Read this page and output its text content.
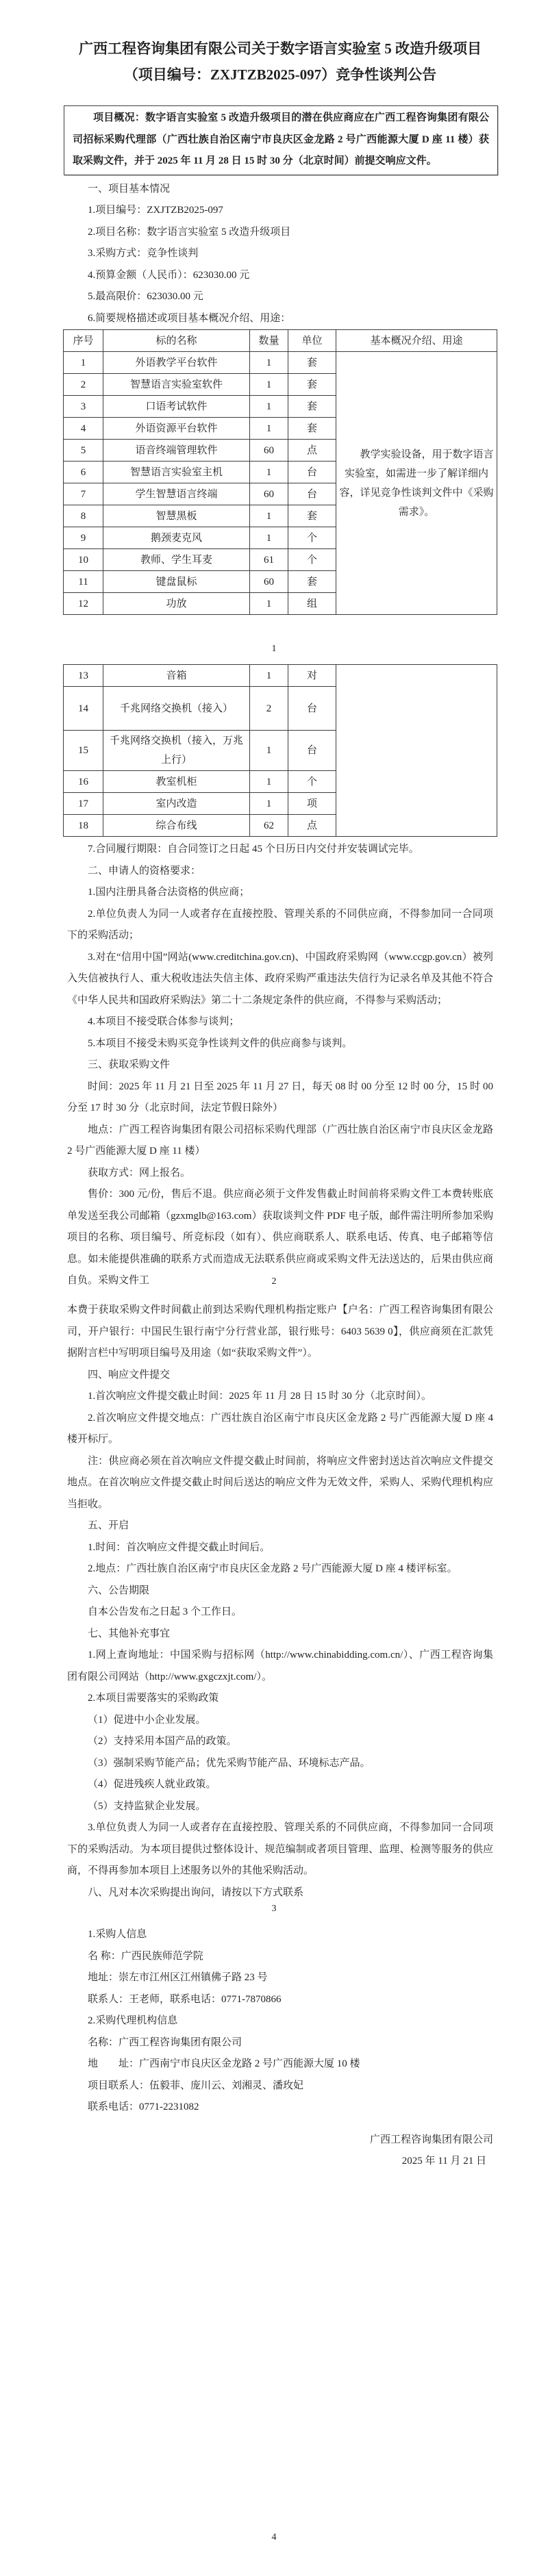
广西工程咨询集团有限公司关于数字语言实验室 5 改造升级项目
（项目编号：ZXJTZB2025-097）竞争性谈判公告

项目概况：数字语言实验室 5 改造升级项目的潜在供应商应在广西工程咨询集团有限公司招标采购代理部（广西壮族自治区南宁市良庆区金龙路 2 号广西能源大厦 D 座 11 楼）获取采购文件，并于 2025 年 11 月 28 日 15 时 30 分（北京时间）前提交响应文件。

一、项目基本情况

1.项目编号：ZXJTZB2025-097

2.项目名称：数字语言实验室 5 改造升级项目

3.采购方式：竞争性谈判

4.预算金额（人民币）：623030.00 元

5.最高限价：623030.00 元

6.简要规格描述或项目基本概况介绍、用途：

序号	标的名称	数量	单位	基本概况介绍、用途
1	外语教学平台软件	1	套	教学实验设备，用于数字语言实验室，如需进一步了解详细内容，详见竞争性谈判文件中《采购需求》。
2	智慧语言实验室软件	1	套	
3	口语考试软件	1	套	
4	外语资源平台软件	1	套	
5	语音终端管理软件	60	点	
6	智慧语言实验室主机	1	台	
7	学生智慧语言终端	60	台	
8	智慧黑板	1	套	
9	鹅颈麦克风	1	个	
10	教师、学生耳麦	61	个	
11	键盘鼠标	60	套	
12	功放	1	组	
1
13	音箱	1	对	
14	千兆网络交换机（接入）	2	台	
15	千兆网络交换机（接入，万兆上行）	1	台	
16	教室机柜	1	个	
17	室内改造	1	项	
18	综合布线	62	点	

7.合同履行期限：自合同签订之日起 45 个日历日内交付并安装调试完毕。

二、申请人的资格要求：

1.国内注册具备合法资格的供应商；

2.单位负责人为同一人或者存在直接控股、管理关系的不同供应商，不得参加同一合同项下的采购活动；

3.对在“信用中国”网站(www.creditchina.gov.cn)、中国政府采购网（www.ccgp.gov.cn）被列入失信被执行人、重大税收违法失信主体、政府采购严重违法失信行为记录名单及其他不符合《中华人民共和国政府采购法》第二十二条规定条件的供应商，不得参与采购活动；

4.本项目不接受联合体参与谈判；

5.本项目不接受未购买竞争性谈判文件的供应商参与谈判。

三、获取采购文件

时间：2025 年 11 月 21 日至 2025 年 11 月 27 日，每天 08 时 00 分至 12 时 00 分，15 时 00 分至 17 时 30 分（北京时间，法定节假日除外）

地点：广西工程咨询集团有限公司招标采购代理部（广西壮族自治区南宁市良庆区金龙路 2 号广西能源大厦 D 座 11 楼）

获取方式：网上报名。

售价：300 元/份，售后不退。供应商必须于文件发售截止时间前将采购文件工本费转账底单发送至我公司邮箱（gzxmglb@163.com）获取谈判文件 PDF 电子版，邮件需注明所参加采购项目的名称、项目编号、所竞标段（如有）、供应商联系人、联系电话、传真、电子邮箱等信息。如未能提供准确的联系方式而造成无法联系供应商或采购文件无法送达的，后果由供应商自负。采购文件工	2

本费于获取采购文件时间截止前到达采购代理机构指定账户【户名：广西工程咨询集团有限公司，开户银行：中国民生银行南宁分行营业部，银行账号：6403 5639 0】，供应商须在汇款凭据附言栏中写明项目编号及用途（如“获取采购文件”）。

四、响应文件提交

1.首次响应文件提交截止时间：2025 年 11 月 28 日 15 时 30 分（北京时间）。

2.首次响应文件提交地点：广西壮族自治区南宁市良庆区金龙路 2 号广西能源大厦 D 座 4 楼开标厅。

注：供应商必须在首次响应文件提交截止时间前，将响应文件密封送达首次响应文件提交地点。在首次响应文件提交截止时间后送达的响应文件为无效文件，采购人、采购代理机构应当拒收。

五、开启

1.时间：首次响应文件提交截止时间后。

2.地点：广西壮族自治区南宁市良庆区金龙路 2 号广西能源大厦 D 座 4 楼评标室。

六、公告期限

自本公告发布之日起 3 个工作日。

七、其他补充事宜

1.网上查询地址：中国采购与招标网（http://www.chinabidding.com.cn/）、广西工程咨询集团有限公司网站（http://www.gxgczxjt.com/）。

2.本项目需要落实的采购政策

（1）促进中小企业发展。

（2）支持采用本国产品的政策。

（3）强制采购节能产品；优先采购节能产品、环境标志产品。

（4）促进残疾人就业政策。

（5）支持监狱企业发展。

3.单位负责人为同一人或者存在直接控股、管理关系的不同供应商，不得参加同一合同项下的采购活动。为本项目提供过整体设计、规范编制或者项目管理、监理、检测等服务的供应商，不得再参加本项目上述服务以外的其他采购活动。

八、凡对本次采购提出询问，请按以下方式联系

3

1.采购人信息

名 称：广西民族师范学院

地址：崇左市江州区江州镇佛子路 23 号

联系人：王老师，联系电话：0771-7870866

2.采购代理机构信息

名称：广西工程咨询集团有限公司

地　　址：广西南宁市良庆区金龙路 2 号广西能源大厦 10 楼

项目联系人：伍毅菲、庞川云、刘湘灵、潘玫妃

联系电话：0771-2231082

广西工程咨询集团有限公司

2025 年 11 月 21 日

4
